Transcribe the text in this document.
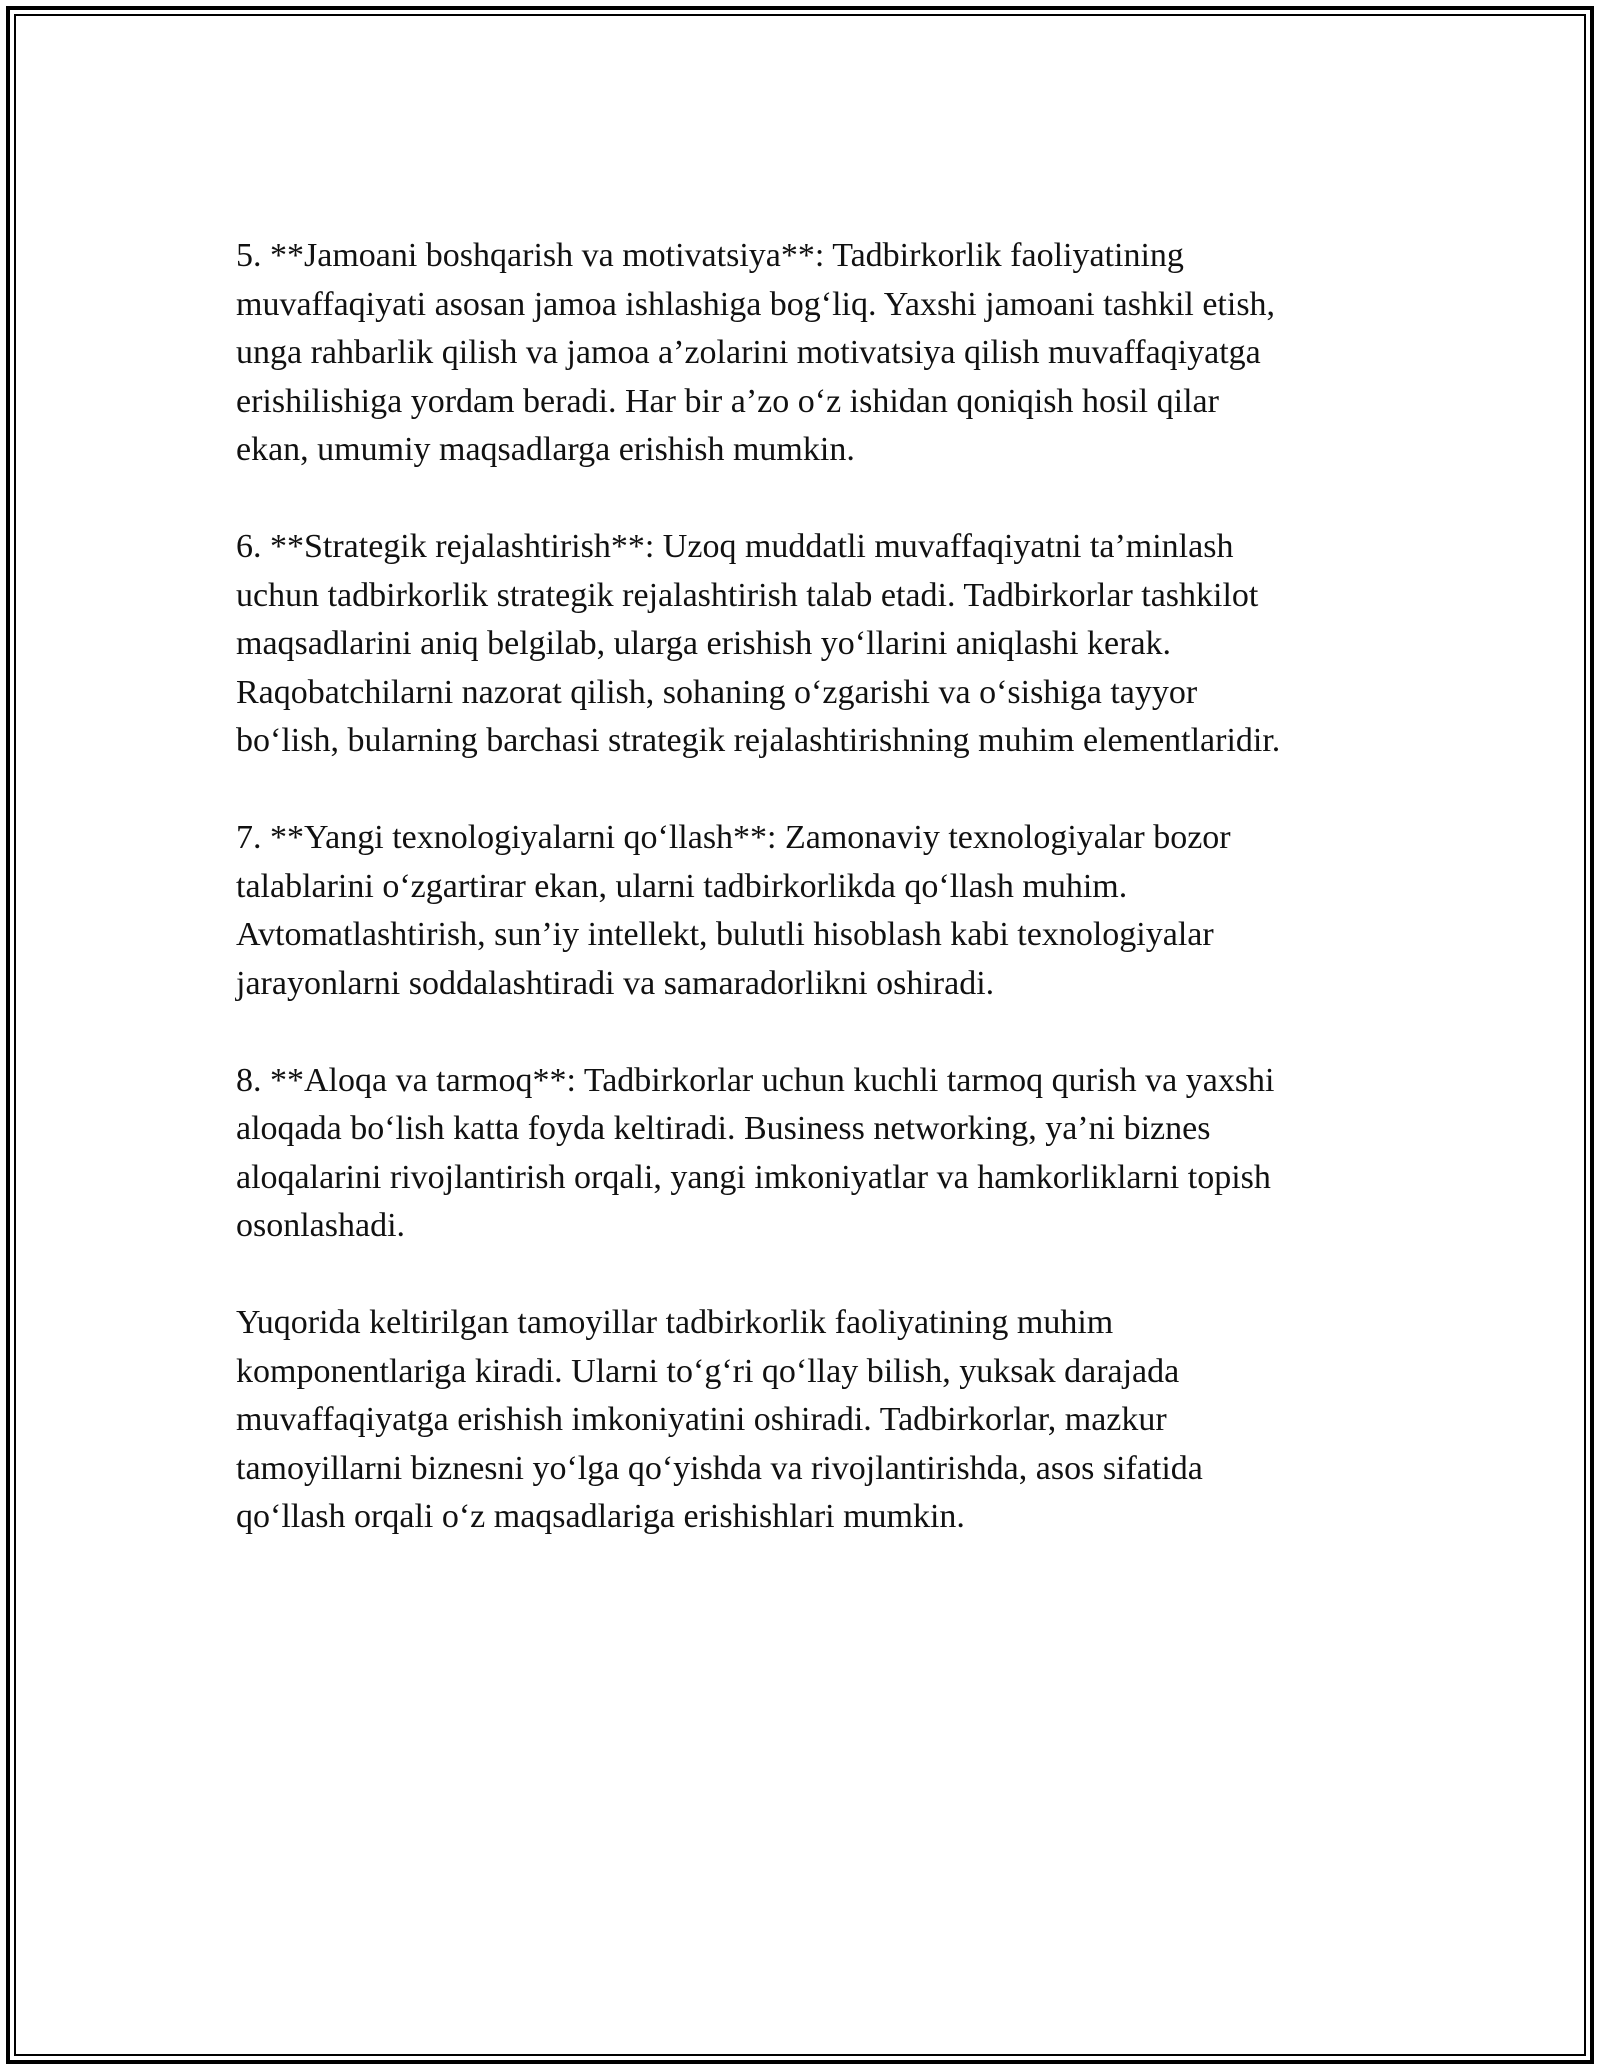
5. **Jamoani boshqarish va motivatsiya**: Tadbirkorlik faoliyatining
muvaffaqiyati asosan jamoa ishlashiga bog‘liq. Yaxshi jamoani tashkil etish,
unga rahbarlik qilish va jamoa a’zolarini motivatsiya qilish muvaffaqiyatga
erishilishiga yordam beradi. Har bir a’zo o‘z ishidan qoniqish hosil qilar
ekan, umumiy maqsadlarga erishish mumkin.

6. **Strategik rejalashtirish**: Uzoq muddatli muvaffaqiyatni ta’minlash
uchun tadbirkorlik strategik rejalashtirish talab etadi. Tadbirkorlar tashkilot
maqsadlarini aniq belgilab, ularga erishish yo‘llarini aniqlashi kerak.
Raqobatchilarni nazorat qilish, sohaning o‘zgarishi va o‘sishiga tayyor
bo‘lish, bularning barchasi strategik rejalashtirishning muhim elementlaridir.

7. **Yangi texnologiyalarni qo‘llash**: Zamonaviy texnologiyalar bozor
talablarini o‘zgartirar ekan, ularni tadbirkorlikda qo‘llash muhim.
Avtomatlashtirish, sun’iy intellekt, bulutli hisoblash kabi texnologiyalar
jarayonlarni soddalashtiradi va samaradorlikni oshiradi.

8. **Aloqa va tarmoq**: Tadbirkorlar uchun kuchli tarmoq qurish va yaxshi
aloqada bo‘lish katta foyda keltiradi. Business networking, ya’ni biznes
aloqalarini rivojlantirish orqali, yangi imkoniyatlar va hamkorliklarni topish
osonlashadi.

Yuqorida keltirilgan tamoyillar tadbirkorlik faoliyatining muhim
komponentlariga kiradi. Ularni to‘g‘ri qo‘llay bilish, yuksak darajada
muvaffaqiyatga erishish imkoniyatini oshiradi. Tadbirkorlar, mazkur
tamoyillarni biznesni yo‘lga qo‘yishda va rivojlantirishda, asos sifatida
qo‘llash orqali o‘z maqsadlariga erishishlari mumkin.
